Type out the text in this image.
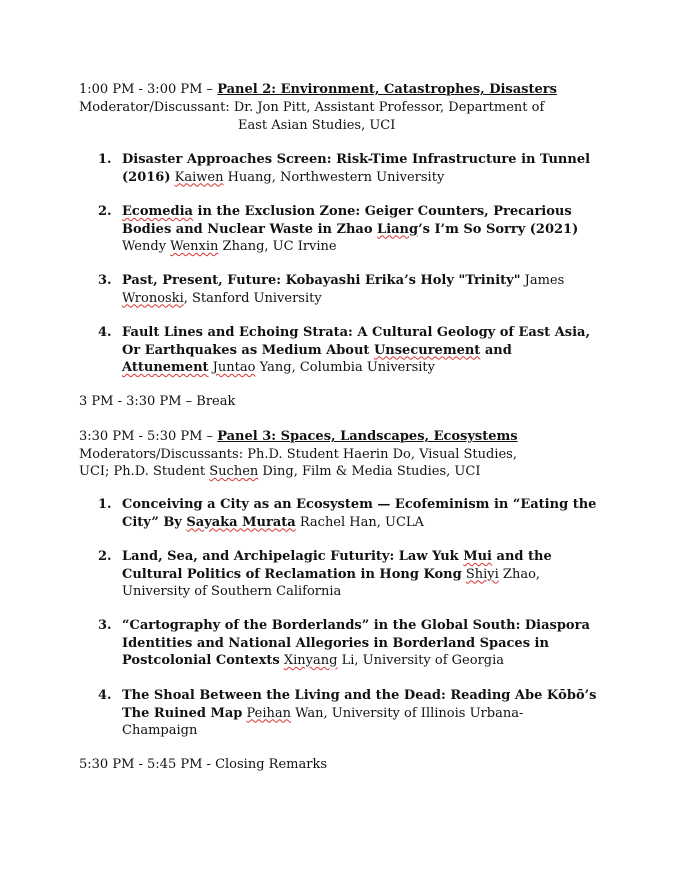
1:00 PM - 3:00 PM – Panel 2: Environment, Catastrophes, Disasters
Moderator/Discussant: Dr. Jon Pitt, Assistant Professor, Department of
East Asian Studies, UCI
1. Disaster Approaches Screen: Risk-Time Infrastructure in Tunnel
(2016) Kaiwen Huang, Northwestern University
2. Ecomedia in the Exclusion Zone: Geiger Counters, Precarious
Bodies and Nuclear Waste in Zhao Liang’s I’m So Sorry (2021)
Wendy Wenxin Zhang, UC Irvine
3. Past, Present, Future: Kobayashi Erika’s Holy "Trinity" James
Wronoski, Stanford University
4. Fault Lines and Echoing Strata: A Cultural Geology of East Asia,
Or Earthquakes as Medium About Unsecurement and
Attunement Juntao Yang, Columbia University
3 PM - 3:30 PM – Break
3:30 PM - 5:30 PM – Panel 3: Spaces, Landscapes, Ecosystems
Moderators/Discussants: Ph.D. Student Haerin Do, Visual Studies,
UCI; Ph.D. Student Suchen Ding, Film & Media Studies, UCI
1. Conceiving a City as an Ecosystem — Ecofeminism in “Eating the
City” By Sayaka Murata Rachel Han, UCLA
2. Land, Sea, and Archipelagic Futurity: Law Yuk Mui and the
Cultural Politics of Reclamation in Hong Kong Shiyi Zhao,
University of Southern California
3. “Cartography of the Borderlands” in the Global South: Diaspora
Identities and National Allegories in Borderland Spaces in
Postcolonial Contexts Xinyang Li, University of Georgia
4. The Shoal Between the Living and the Dead: Reading Abe Kōbō’s
The Ruined Map Peihan Wan, University of Illinois Urbana-
Champaign
5:30 PM - 5:45 PM - Closing Remarks
